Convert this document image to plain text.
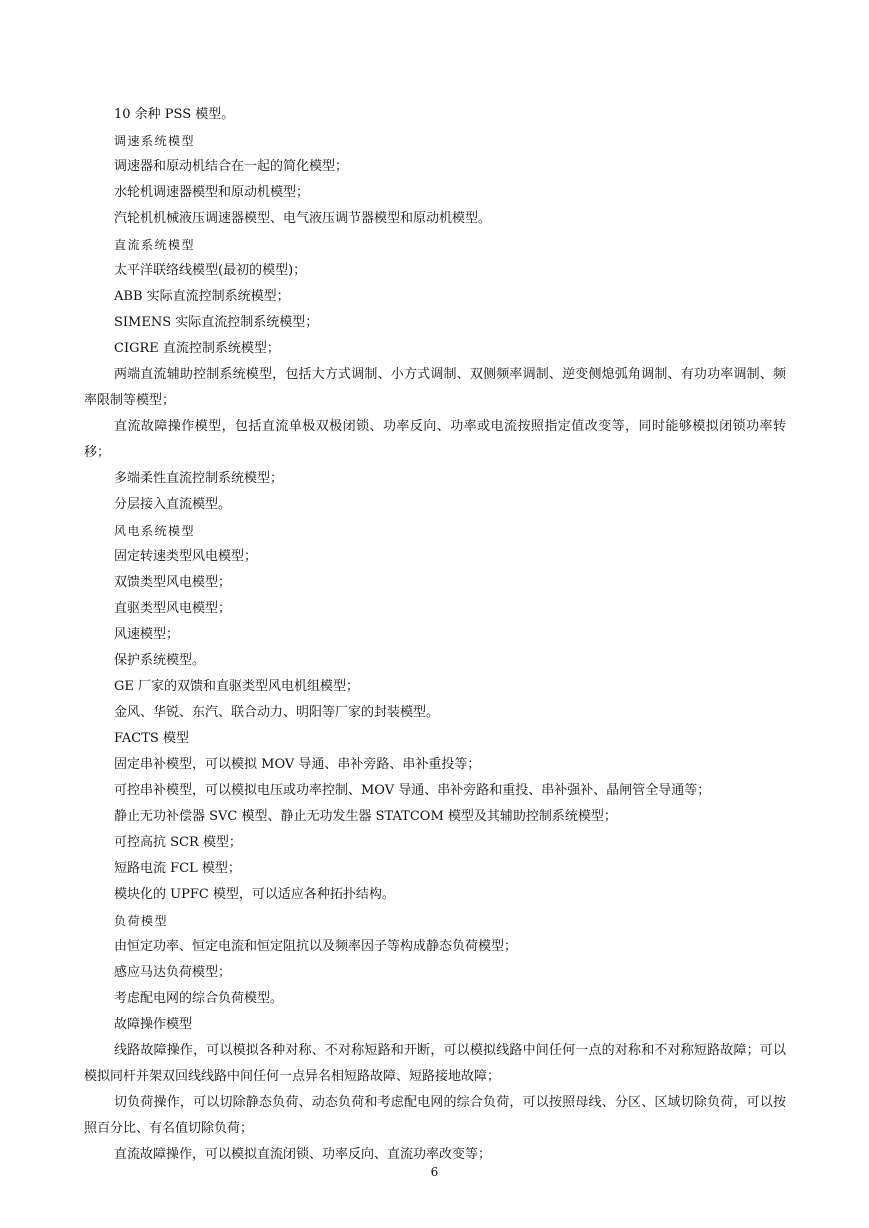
10 余种 PSS 模型。

调速系统模型

调速器和原动机结合在一起的简化模型；

水轮机调速器模型和原动机模型；

汽轮机机械液压调速器模型、电气液压调节器模型和原动机模型。

直流系统模型

太平洋联络线模型(最初的模型)；

ABB 实际直流控制系统模型；

SIMENS 实际直流控制系统模型；

CIGRE 直流控制系统模型；

两端直流辅助控制系统模型，包括大方式调制、小方式调制、双侧频率调制、逆变侧熄弧角调制、有功功率调制、频率限制等模型；

直流故障操作模型，包括直流单极双极闭锁、功率反向、功率或电流按照指定值改变等，同时能够模拟闭锁功率转移；

多端柔性直流控制系统模型；

分层接入直流模型。

风电系统模型

固定转速类型风电模型；

双馈类型风电模型；

直驱类型风电模型；

风速模型；

保护系统模型。

GE 厂家的双馈和直驱类型风电机组模型；

金风、华锐、东汽、联合动力、明阳等厂家的封装模型。

FACTS 模型

固定串补模型，可以模拟 MOV 导通、串补旁路、串补重投等；

可控串补模型，可以模拟电压或功率控制、MOV 导通、串补旁路和重投、串补强补、晶闸管全导通等；

静止无功补偿器 SVC 模型、静止无功发生器 STATCOM 模型及其辅助控制系统模型；

可控高抗 SCR 模型；

短路电流 FCL 模型；

模块化的 UPFC 模型，可以适应各种拓扑结构。

负荷模型

由恒定功率、恒定电流和恒定阻抗以及频率因子等构成静态负荷模型；

感应马达负荷模型；

考虑配电网的综合负荷模型。

故障操作模型

线路故障操作，可以模拟各种对称、不对称短路和开断，可以模拟线路中间任何一点的对称和不对称短路故障；可以模拟同杆并架双回线线路中间任何一点异名相短路故障、短路接地故障；

切负荷操作，可以切除静态负荷、动态负荷和考虑配电网的综合负荷，可以按照母线、分区、区域切除负荷，可以按照百分比、有名值切除负荷；

直流故障操作，可以模拟直流闭锁、功率反向、直流功率改变等；

6
